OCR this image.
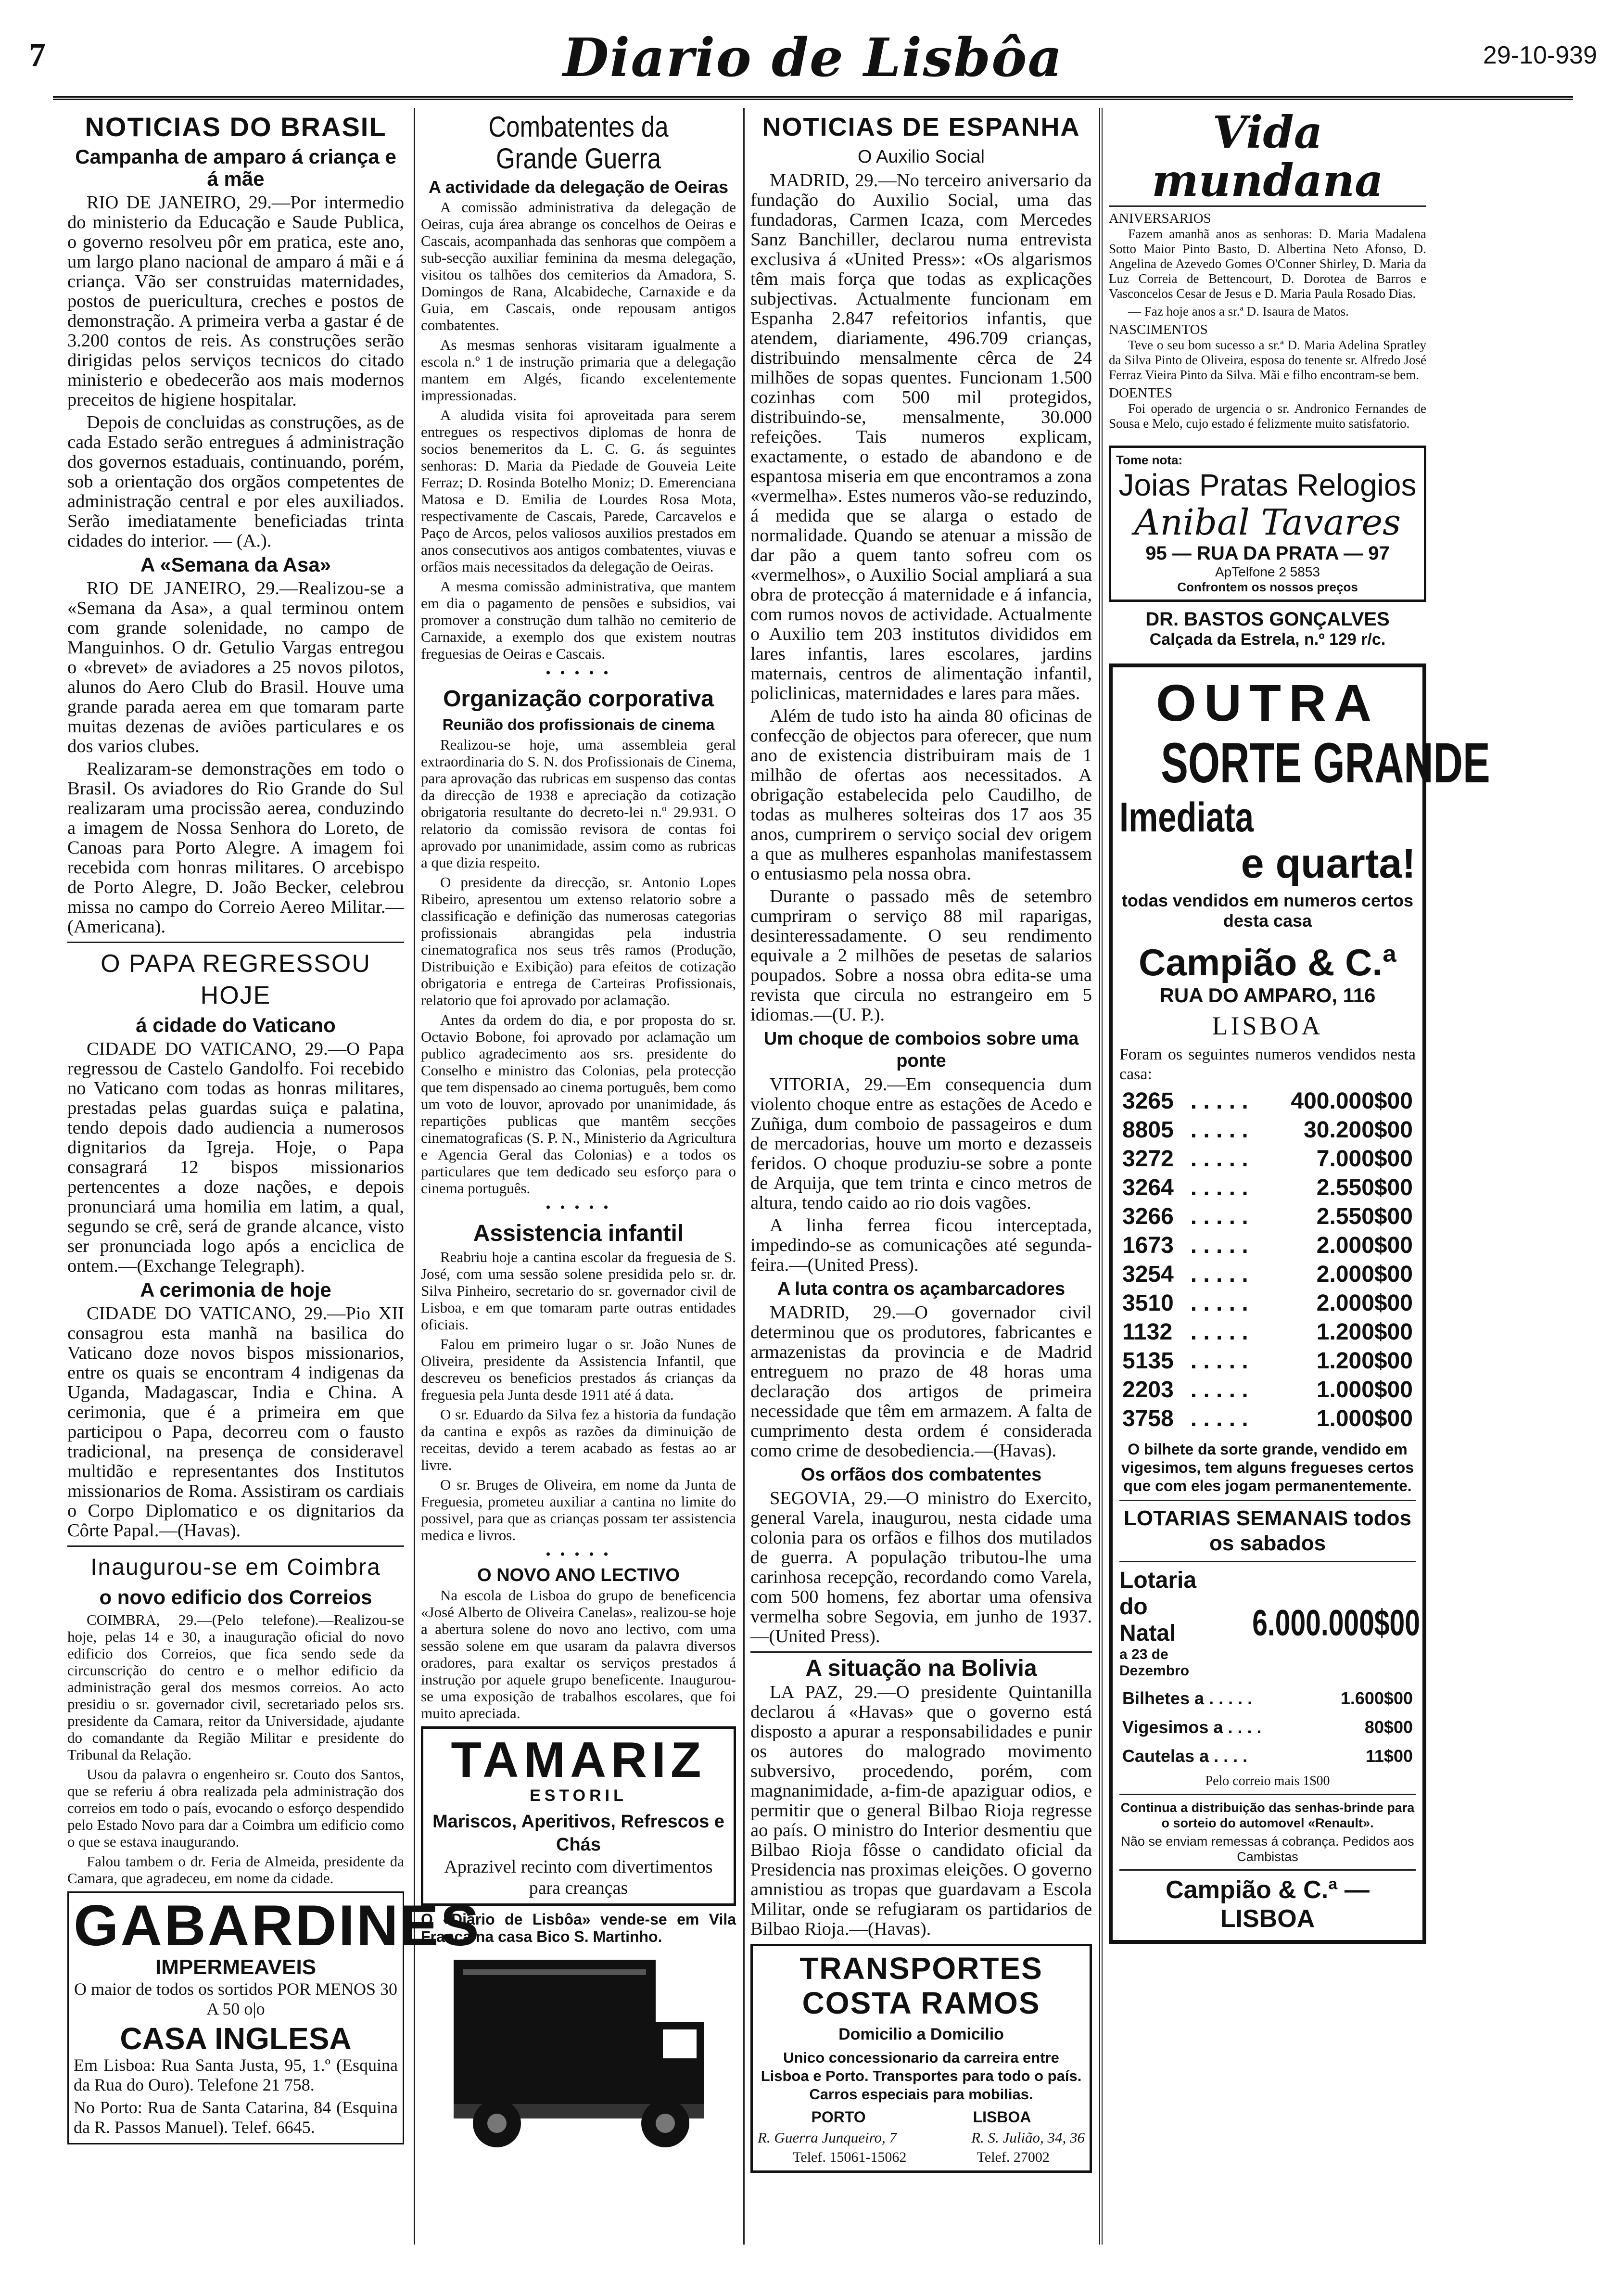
7	Diario de Lisbôa	29-10-939
NOTICIAS DO BRASIL
Campanha de amparo á criança e á mãe

RIO DE JANEIRO, 29.—Por intermedio do ministerio da Educação e Saude Publica, o governo resolveu pôr em pratica, este ano, um largo plano nacional de amparo á mãi e á criança. Vão ser construidas maternidades, postos de puericultura, creches e postos de demonstração. A primeira verba a gastar é de 3.200 contos de reis. As construções serão dirigidas pelos serviços tecnicos do citado ministerio e obedecerão aos mais modernos preceitos de higiene hospitalar.

Depois de concluidas as construções, as de cada Estado serão entregues á administração dos governos estaduais, continuando, porém, sob a orientação dos orgãos competentes de administração central e por eles auxiliados. Serão imediatamente beneficiadas trinta cidades do interior. — (A.).

A «Semana da Asa»

RIO DE JANEIRO, 29.—Realizou-se a «Semana da Asa», a qual terminou ontem com grande solenidade, no campo de Manguinhos. O dr. Getulio Vargas entregou o «brevet» de aviadores a 25 novos pilotos, alunos do Aero Club do Brasil. Houve uma grande parada aerea em que tomaram parte muitas dezenas de aviões particulares e os dos varios clubes.

Realizaram-se demonstrações em todo o Brasil. Os aviadores do Rio Grande do Sul realizaram uma procissão aerea, conduzindo a imagem de Nossa Senhora do Loreto, de Canoas para Porto Alegre. A imagem foi recebida com honras militares. O arcebispo de Porto Alegre, D. João Becker, celebrou missa no campo do Correio Aereo Militar.—(Americana).

O PAPA REGRESSOU HOJE
á cidade do Vaticano

CIDADE DO VATICANO, 29.—O Papa regressou de Castelo Gandolfo. Foi recebido no Vaticano com todas as honras militares, prestadas pelas guardas suiça e palatina, tendo depois dado audiencia a numerosos dignitarios da Igreja. Hoje, o Papa consagrará 12 bispos missionarios pertencentes a doze nações, e depois pronunciará uma homilia em latim, a qual, segundo se crê, será de grande alcance, visto ser pronunciada logo após a enciclica de ontem.—(Exchange Telegraph).

A cerimonia de hoje

CIDADE DO VATICANO, 29.—Pio XII consagrou esta manhã na basilica do Vaticano doze novos bispos missionarios, entre os quais se encontram 4 indigenas da Uganda, Madagascar, India e China. A cerimonia, que é a primeira em que participou o Papa, decorreu com o fausto tradicional, na presença de consideravel multidão e representantes dos Institutos missionarios de Roma. Assistiram os cardiais o Corpo Diplomatico e os dignitarios da Côrte Papal.—(Havas).

Inaugurou-se em Coimbra
o novo edificio dos Correios

COIMBRA, 29.—(Pelo telefone).—Realizou-se hoje, pelas 14 e 30, a inauguração oficial do novo edificio dos Correios, que fica sendo sede da circunscrição do centro e o melhor edificio da administração geral dos mesmos correios. Ao acto presidiu o sr. governador civil, secretariado pelos srs. presidente da Camara, reitor da Universidade, ajudante do comandante da Região Militar e presidente do Tribunal da Relação.

Usou da palavra o engenheiro sr. Couto dos Santos, que se referiu á obra realizada pela administração dos correios em todo o país, evocando o esforço despendido pelo Estado Novo para dar a Coimbra um edificio como o que se estava inaugurando.

Falou tambem o dr. Feria de Almeida, presidente da Camara, que agradeceu, em nome da cidade.

GABARDINES
IMPERMEAVEIS

O maior de todos os sortidos POR MENOS 30 A 50 o|o

CASA INGLESA

Em Lisboa: Rua Santa Justa, 95, 1.º (Esquina da Rua do Ouro). Telefone 21 758.

No Porto: Rua de Santa Catarina, 84 (Esquina da R. Passos Manuel). Telef. 6645.

Combatentes da Grande Guerra
A actividade da delegação de Oeiras

A comissão administrativa da delegação de Oeiras, cuja área abrange os concelhos de Oeiras e Cascais, acompanhada das senhoras que compõem a sub-secção auxiliar feminina da mesma delegação, visitou os talhões dos cemiterios da Amadora, S. Domingos de Rana, Alcabideche, Carnaxide e da Guia, em Cascais, onde repousam antigos combatentes.

As mesmas senhoras visitaram igualmente a escola n.º 1 de instrução primaria que a delegação mantem em Algés, ficando excelentemente impressionadas.

A aludida visita foi aproveitada para serem entregues os respectivos diplomas de honra de socios benemeritos da L. C. G. ás seguintes senhoras: D. Maria da Piedade de Gouveia Leite Ferraz; D. Rosinda Botelho Moniz; D. Emerenciana Matosa e D. Emilia de Lourdes Rosa Mota, respectivamente de Cascais, Parede, Carcavelos e Paço de Arcos, pelos valiosos auxilios prestados em anos consecutivos aos antigos combatentes, viuvas e orfãos mais necessitados da delegação de Oeiras.

A mesma comissão administrativa, que mantem em dia o pagamento de pensões e subsidios, vai promover a construção dum talhão no cemiterio de Carnaxide, a exemplo dos que existem noutras freguesias de Oeiras e Cascais.

• • • • •
Organização corporativa
Reunião dos profissionais de cinema

Realizou-se hoje, uma assembleia geral extraordinaria do S. N. dos Profissionais de Cinema, para aprovação das rubricas em suspenso das contas da direcção de 1938 e apreciação da cotização obrigatoria resultante do decreto-lei n.º 29.931. O relatorio da comissão revisora de contas foi aprovado por unanimidade, assim como as rubricas a que dizia respeito.

O presidente da direcção, sr. Antonio Lopes Ribeiro, apresentou um extenso relatorio sobre a classificação e definição das numerosas categorias profissionais abrangidas pela industria cinematografica nos seus três ramos (Produção, Distribuição e Exibição) para efeitos de cotização obrigatoria e entrega de Carteiras Profissionais, relatorio que foi aprovado por aclamação.

Antes da ordem do dia, e por proposta do sr. Octavio Bobone, foi aprovado por aclamação um publico agradecimento aos srs. presidente do Conselho e ministro das Colonias, pela protecção que tem dispensado ao cinema português, bem como um voto de louvor, aprovado por unanimidade, ás repartições publicas que mantêm secções cinematograficas (S. P. N., Ministerio da Agricultura e Agencia Geral das Colonias) e a todos os particulares que tem dedicado seu esforço para o cinema português.

• • • • •
Assistencia infantil

Reabriu hoje a cantina escolar da freguesia de S. José, com uma sessão solene presidida pelo sr. dr. Silva Pinheiro, secretario do sr. governador civil de Lisboa, e em que tomaram parte outras entidades oficiais.

Falou em primeiro lugar o sr. João Nunes de Oliveira, presidente da Assistencia Infantil, que descreveu os beneficios prestados ás crianças da freguesia pela Junta desde 1911 até á data.

O sr. Eduardo da Silva fez a historia da fundação da cantina e expôs as razões da diminuição de receitas, devido a terem acabado as festas ao ar livre.

O sr. Bruges de Oliveira, em nome da Junta de Freguesia, prometeu auxiliar a cantina no limite do possivel, para que as crianças possam ter assistencia medica e livros.

• • • • •
O NOVO ANO LECTIVO

Na escola de Lisboa do grupo de beneficencia «José Alberto de Oliveira Canelas», realizou-se hoje a abertura solene do novo ano lectivo, com uma sessão solene em que usaram da palavra diversos oradores, para exaltar os serviços prestados á instrução por aquele grupo beneficente. Inaugurou-se uma exposição de trabalhos escolares, que foi muito apreciada.

TAMARIZ
ESTORIL
Mariscos, Aperitivos, Refrescos e Chás
Aprazivel recinto com divertimentos para creanças

O «Diario de Lisbôa» vende-se em Vila Franca na casa Bico S. Martinho.

NOTICIAS DE ESPANHA
O Auxilio Social

MADRID, 29.—No terceiro aniversario da fundação do Auxilio Social, uma das fundadoras, Carmen Icaza, com Mercedes Sanz Banchiller, declarou numa entrevista exclusiva á «United Press»: «Os algarismos têm mais força que todas as explicações subjectivas. Actualmente funcionam em Espanha 2.847 refeitorios infantis, que atendem, diariamente, 496.709 crianças, distribuindo mensalmente cêrca de 24 milhões de sopas quentes. Funcionam 1.500 cozinhas com 500 mil protegidos, distribuindo-se, mensalmente, 30.000 refeições. Tais numeros explicam, exactamente, o estado de abandono e de espantosa miseria em que encontramos a zona «vermelha». Estes numeros vão-se reduzindo, á medida que se alarga o estado de normalidade. Quando se atenuar a missão de dar pão a quem tanto sofreu com os «vermelhos», o Auxilio Social ampliará a sua obra de protecção á maternidade e á infancia, com rumos novos de actividade. Actualmente o Auxilio tem 203 institutos divididos em lares infantis, lares escolares, jardins maternais, centros de alimentação infantil, policlinicas, maternidades e lares para mães.

Além de tudo isto ha ainda 80 oficinas de confecção de objectos para oferecer, que num ano de existencia distribuiram mais de 1 milhão de ofertas aos necessitados. A obrigação estabelecida pelo Caudilho, de todas as mulheres solteiras dos 17 aos 35 anos, cumprirem o serviço social dev origem a que as mulheres espanholas manifestassem o entusiasmo pela nossa obra.

Durante o passado mês de setembro cumpriram o serviço 88 mil raparigas, desinteressadamente. O seu rendimento equivale a 2 milhões de pesetas de salarios poupados. Sobre a nossa obra edita-se uma revista que circula no estrangeiro em 5 idiomas.—(U. P.).

Um choque de comboios sobre uma ponte

VITORIA, 29.—Em consequencia dum violento choque entre as estações de Acedo e Zuñiga, dum comboio de passageiros e dum de mercadorias, houve um morto e dezasseis feridos. O choque produziu-se sobre a ponte de Arquija, que tem trinta e cinco metros de altura, tendo caido ao rio dois vagões.

A linha ferrea ficou interceptada, impedindo-se as comunicações até segunda-feira.—(United Press).

A luta contra os açambarcadores

MADRID, 29.—O governador civil determinou que os produtores, fabricantes e armazenistas da provincia e de Madrid entreguem no prazo de 48 horas uma declaração dos artigos de primeira necessidade que têm em armazem. A falta de cumprimento desta ordem é considerada como crime de desobediencia.—(Havas).

Os orfãos dos combatentes

SEGOVIA, 29.—O ministro do Exercito, general Varela, inaugurou, nesta cidade uma colonia para os orfãos e filhos dos mutilados de guerra. A população tributou-lhe uma carinhosa recepção, recordando como Varela, com 500 homens, fez abortar uma ofensiva vermelha sobre Segovia, em junho de 1937.—(United Press).

A situação na Bolivia

LA PAZ, 29.—O presidente Quintanilla declarou á «Havas» que o governo está disposto a apurar a responsabilidades e punir os autores do malogrado movimento subversivo, procedendo, porém, com magnanimidade, a-fim-de apaziguar odios, e permitir que o general Bilbao Rioja regresse ao país. O ministro do Interior desmentiu que Bilbao Rioja fôsse o candidato oficial da Presidencia nas proximas eleições. O governo amnistiou as tropas que guardavam a Escola Militar, onde se refugiaram os partidarios de Bilbao Rioja.—(Havas).

TRANSPORTES COSTA RAMOS
Domicilio a Domicilio

Unico concessionario da carreira entre Lisboa e Porto. Transportes para todo o país. Carros especiais para mobilias.

PORTO	LISBOA
R. Guerra Junqueiro, 7	R. S. Julião, 34, 36
Telef. 15061-15062	Telef. 27002
Vida mundana
ANIVERSARIOS

Fazem amanhã anos as senhoras: D. Maria Madalena Sotto Maior Pinto Basto, D. Albertina Neto Afonso, D. Angelina de Azevedo Gomes O'Conner Shirley, D. Maria da Luz Correia de Bettencourt, D. Dorotea de Barros e Vasconcelos Cesar de Jesus e D. Maria Paula Rosado Dias.

— Faz hoje anos a sr.ª D. Isaura de Matos.

NASCIMENTOS

Teve o seu bom sucesso a sr.ª D. Maria Adelina Spratley da Silva Pinto de Oliveira, esposa do tenente sr. Alfredo José Ferraz Vieira Pinto da Silva. Mãi e filho encontram-se bem.

DOENTES

Foi operado de urgencia o sr. Andronico Fernandes de Sousa e Melo, cujo estado é felizmente muito satisfatorio.

Tome nota:
Joias Pratas Relogios
Anibal Tavares
95 — RUA DA PRATA — 97
ApTelfone 2 5853
Confrontem os nossos preços
DR. BASTOS GONÇALVES
Calçada da Estrela, n.º 129 r/c.
OUTRA
SORTE GRANDE
Imediata
e quarta!
todas vendidos em numeros certos desta casa
Campião & C.ª
RUA DO AMPARO, 116
LISBOA

Foram os seguintes numeros vendidos nesta casa:

3265	. . . . .	400.000$00
8805	. . . . .	30.200$00
3272	. . . . .	7.000$00
3264	. . . . .	2.550$00
3266	. . . . .	2.550$00
1673	. . . . .	2.000$00
3254	. . . . .	2.000$00
3510	. . . . .	2.000$00
1132	. . . . .	1.200$00
5135	. . . . .	1.200$00
2203	. . . . .	1.000$00
3758	. . . . .	1.000$00

O bilhete da sorte grande, vendido em vigesimos, tem alguns fregueses certos que com eles jogam permanentemente.

LOTARIAS SEMANAIS todos os sabados
Lotaria do Natal
a 23 de Dezembro
6.000.000$00
Bilhetes a . . . . .	1.600$00
Vigesimos a . . . .	80$00
Cautelas a . . . .	11$00
Pelo correio mais 1$00

Continua a distribuição das senhas-brinde para o sorteio do automovel «Renault».

Não se enviam remessas á cobrança. Pedidos aos Cambistas

Campião & C.ª — LISBOA
